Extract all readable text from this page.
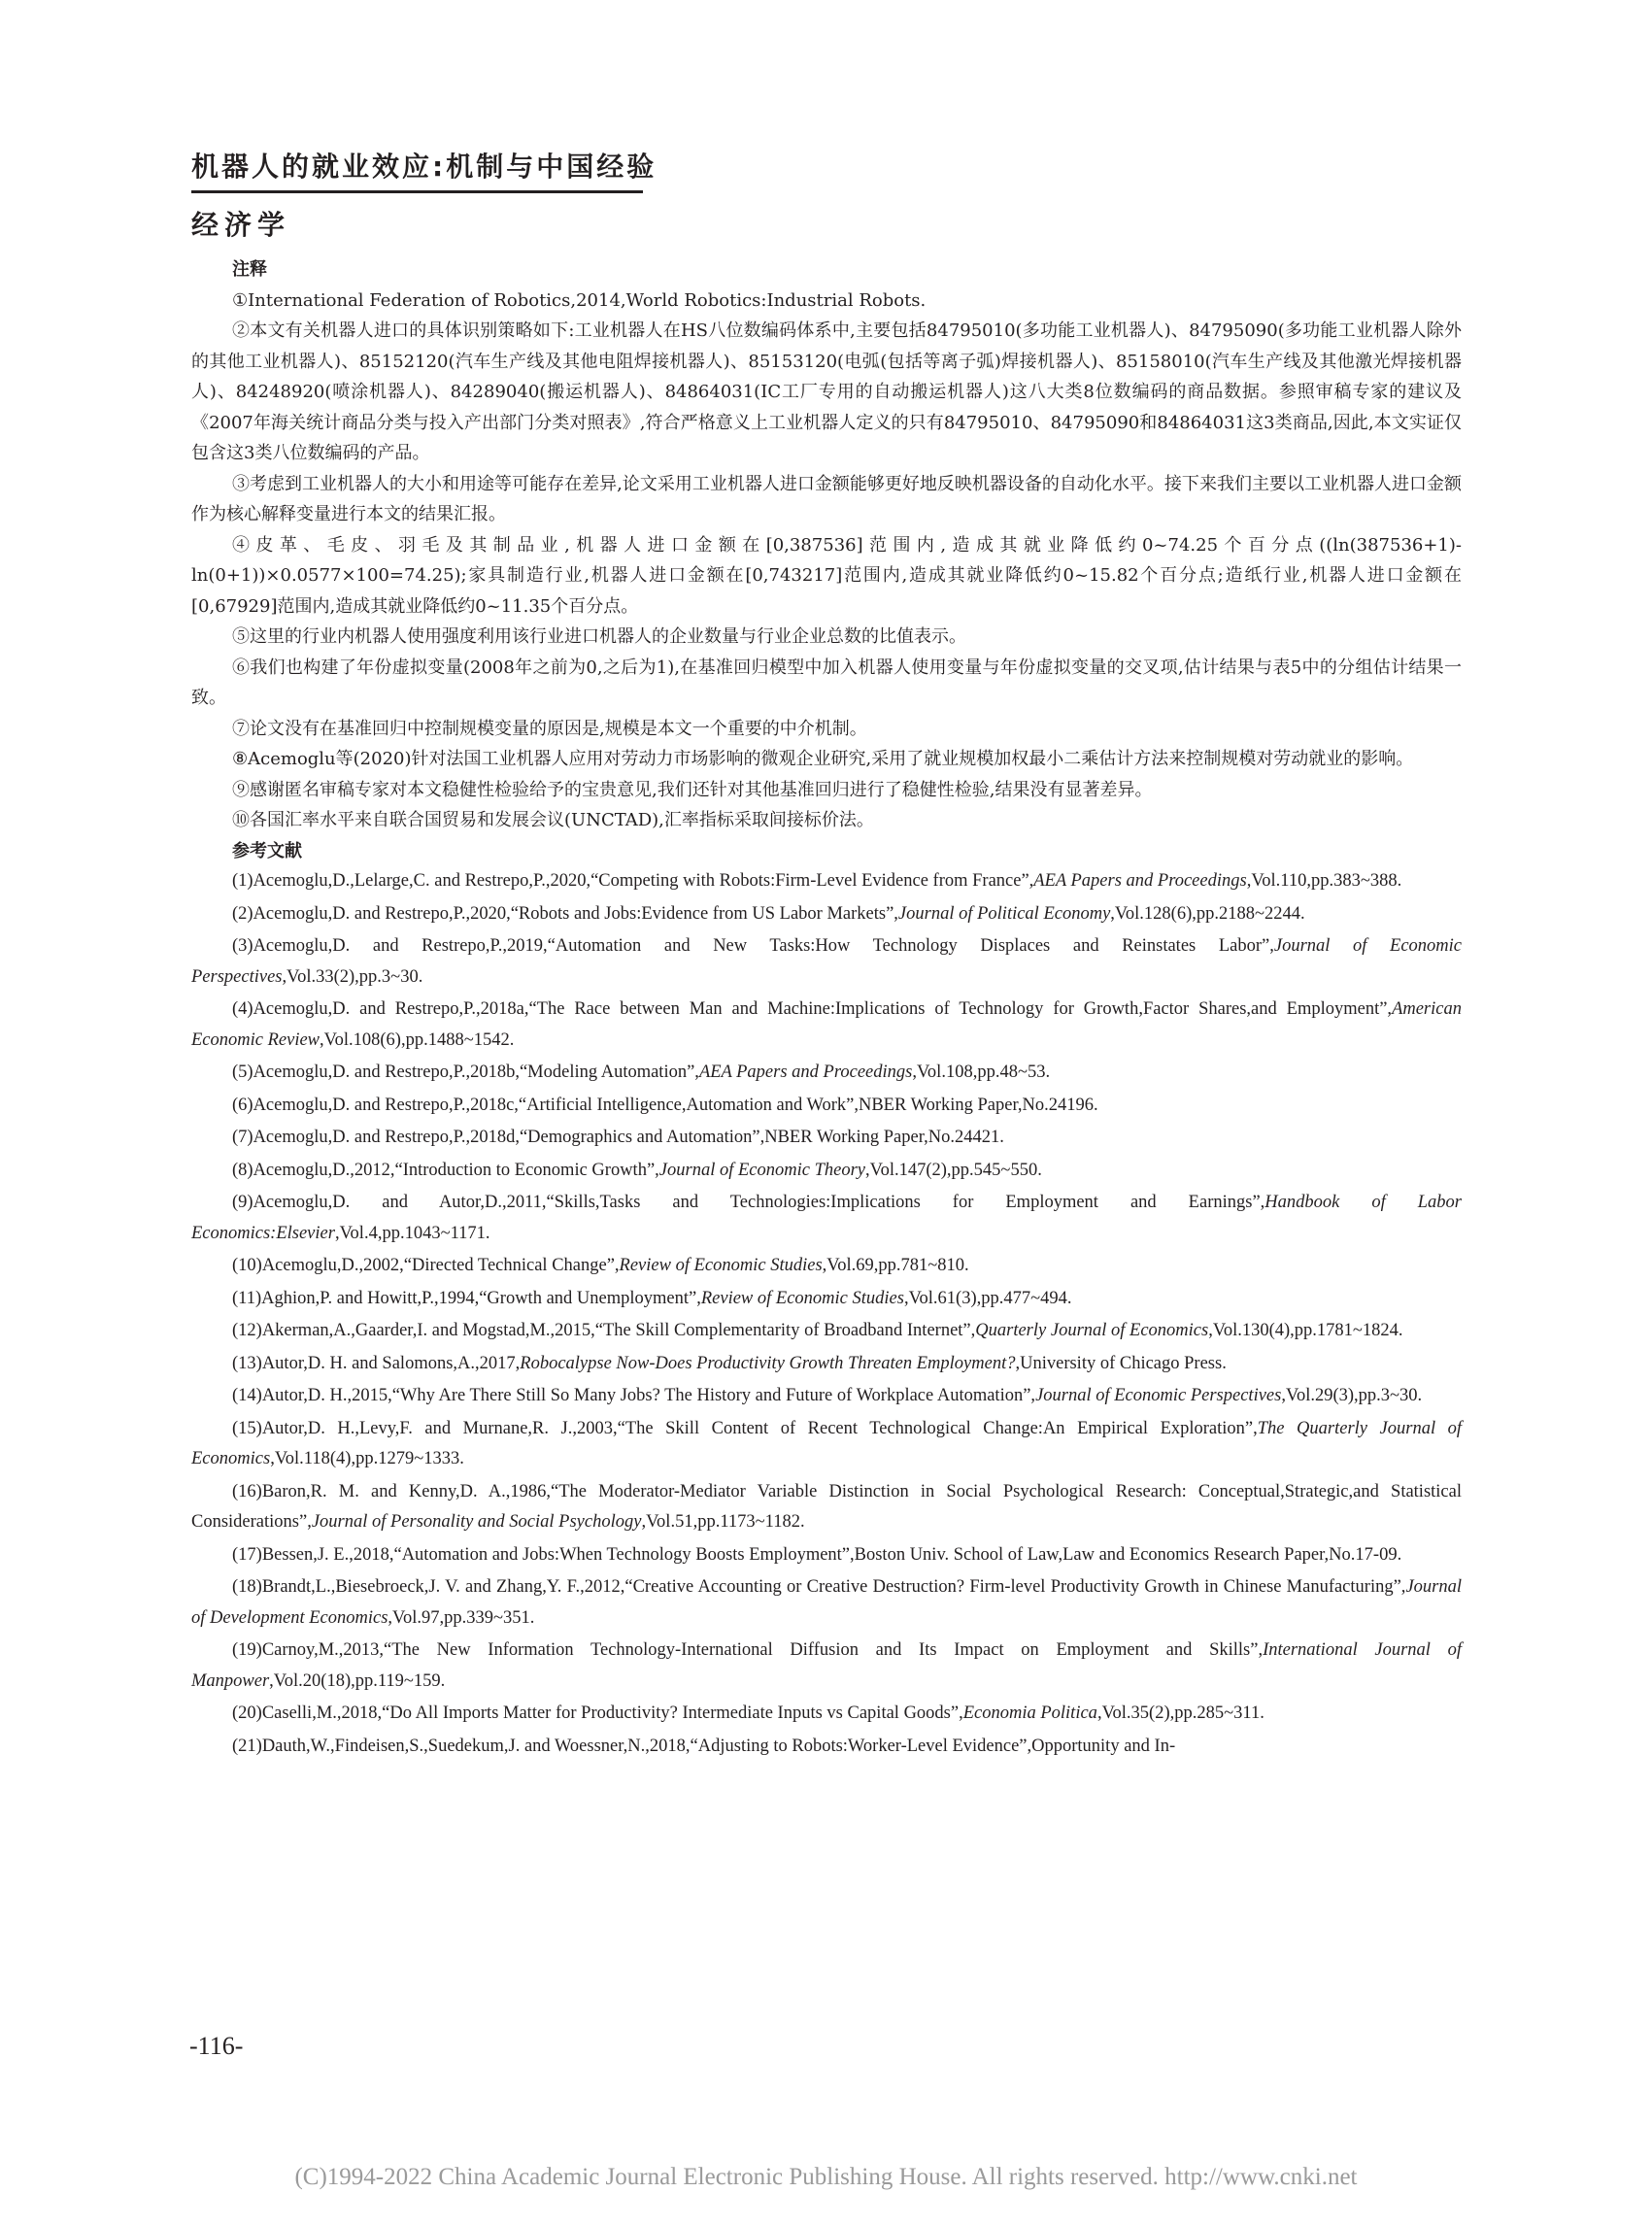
机器人的就业效应:机制与中国经验
经济学
注释

①International Federation of Robotics,2014,World Robotics:Industrial Robots.

②本文有关机器人进口的具体识别策略如下:工业机器人在HS八位数编码体系中,主要包括84795010(多功能工业机器人)、84795090(多功能工业机器人除外的其他工业机器人)、85152120(汽车生产线及其他电阻焊接机器人)、85153120(电弧(包括等离子弧)焊接机器人)、85158010(汽车生产线及其他激光焊接机器人)、84248920(喷涂机器人)、84289040(搬运机器人)、84864031(IC工厂专用的自动搬运机器人)这八大类8位数编码的商品数据。参照审稿专家的建议及《2007年海关统计商品分类与投入产出部门分类对照表》,符合严格意义上工业机器人定义的只有84795010、84795090和84864031这3类商品,因此,本文实证仅包含这3类八位数编码的产品。

③考虑到工业机器人的大小和用途等可能存在差异,论文采用工业机器人进口金额能够更好地反映机器设备的自动化水平。接下来我们主要以工业机器人进口金额作为核心解释变量进行本文的结果汇报。

④皮革、毛皮、羽毛及其制品业,机器人进口金额在[0,387536]范围内,造成其就业降低约0~74.25个百分点((ln(387536+1)-ln(0+1))×0.0577×100=74.25);家具制造行业,机器人进口金额在[0,743217]范围内,造成其就业降低约0~15.82个百分点;造纸行业,机器人进口金额在[0,67929]范围内,造成其就业降低约0~11.35个百分点。

⑤这里的行业内机器人使用强度利用该行业进口机器人的企业数量与行业企业总数的比值表示。

⑥我们也构建了年份虚拟变量(2008年之前为0,之后为1),在基准回归模型中加入机器人使用变量与年份虚拟变量的交叉项,估计结果与表5中的分组估计结果一致。

⑦论文没有在基准回归中控制规模变量的原因是,规模是本文一个重要的中介机制。

⑧Acemoglu等(2020)针对法国工业机器人应用对劳动力市场影响的微观企业研究,采用了就业规模加权最小二乘估计方法来控制规模对劳动就业的影响。

⑨感谢匿名审稿专家对本文稳健性检验给予的宝贵意见,我们还针对其他基准回归进行了稳健性检验,结果没有显著差异。

⑩各国汇率水平来自联合国贸易和发展会议(UNCTAD),汇率指标采取间接标价法。

参考文献

(1)Acemoglu,D.,Lelarge,C. and Restrepo,P.,2020,“Competing with Robots:Firm-Level Evidence from France”,AEA Papers and Proceedings,Vol.110,pp.383~388.

(2)Acemoglu,D. and Restrepo,P.,2020,“Robots and Jobs:Evidence from US Labor Markets”,Journal of Political Economy,Vol.128(6),pp.2188~2244.

(3)Acemoglu,D. and Restrepo,P.,2019,“Automation and New Tasks:How Technology Displaces and Reinstates Labor”,Journal of Economic Perspectives,Vol.33(2),pp.3~30.

(4)Acemoglu,D. and Restrepo,P.,2018a,“The Race between Man and Machine:Implications of Technology for Growth,Factor Shares,and Employment”,American Economic Review,Vol.108(6),pp.1488~1542.

(5)Acemoglu,D. and Restrepo,P.,2018b,“Modeling Automation”,AEA Papers and Proceedings,Vol.108,pp.48~53.

(6)Acemoglu,D. and Restrepo,P.,2018c,“Artificial Intelligence,Automation and Work”,NBER Working Paper,No.24196.

(7)Acemoglu,D. and Restrepo,P.,2018d,“Demographics and Automation”,NBER Working Paper,No.24421.

(8)Acemoglu,D.,2012,“Introduction to Economic Growth”,Journal of Economic Theory,Vol.147(2),pp.545~550.

(9)Acemoglu,D. and Autor,D.,2011,“Skills,Tasks and Technologies:Implications for Employment and Earnings”,Handbook of Labor Economics:Elsevier,Vol.4,pp.1043~1171.

(10)Acemoglu,D.,2002,“Directed Technical Change”,Review of Economic Studies,Vol.69,pp.781~810.

(11)Aghion,P. and Howitt,P.,1994,“Growth and Unemployment”,Review of Economic Studies,Vol.61(3),pp.477~494.

(12)Akerman,A.,Gaarder,I. and Mogstad,M.,2015,“The Skill Complementarity of Broadband Internet”,Quarterly Journal of Economics,Vol.130(4),pp.1781~1824.

(13)Autor,D. H. and Salomons,A.,2017,Robocalypse Now-Does Productivity Growth Threaten Employment?,University of Chicago Press.

(14)Autor,D. H.,2015,“Why Are There Still So Many Jobs? The History and Future of Workplace Automation”,Journal of Economic Perspectives,Vol.29(3),pp.3~30.

(15)Autor,D. H.,Levy,F. and Murnane,R. J.,2003,“The Skill Content of Recent Technological Change:An Empirical Exploration”,The Quarterly Journal of Economics,Vol.118(4),pp.1279~1333.

(16)Baron,R. M. and Kenny,D. A.,1986,“The Moderator-Mediator Variable Distinction in Social Psychological Research: Conceptual,Strategic,and Statistical Considerations”,Journal of Personality and Social Psychology,Vol.51,pp.1173~1182.

(17)Bessen,J. E.,2018,“Automation and Jobs:When Technology Boosts Employment”,Boston Univ. School of Law,Law and Economics Research Paper,No.17-09.

(18)Brandt,L.,Biesebroeck,J. V. and Zhang,Y. F.,2012,“Creative Accounting or Creative Destruction? Firm-level Productivity Growth in Chinese Manufacturing”,Journal of Development Economics,Vol.97,pp.339~351.

(19)Carnoy,M.,2013,“The New Information Technology-International Diffusion and Its Impact on Employment and Skills”,International Journal of Manpower,Vol.20(18),pp.119~159.

(20)Caselli,M.,2018,“Do All Imports Matter for Productivity? Intermediate Inputs vs Capital Goods”,Economia Politica,Vol.35(2),pp.285~311.

(21)Dauth,W.,Findeisen,S.,Suedekum,J. and Woessner,N.,2018,“Adjusting to Robots:Worker-Level Evidence”,Opportunity and In-

-116-
(C)1994-2022 China Academic Journal Electronic Publishing House. All rights reserved. http://www.cnki.net
